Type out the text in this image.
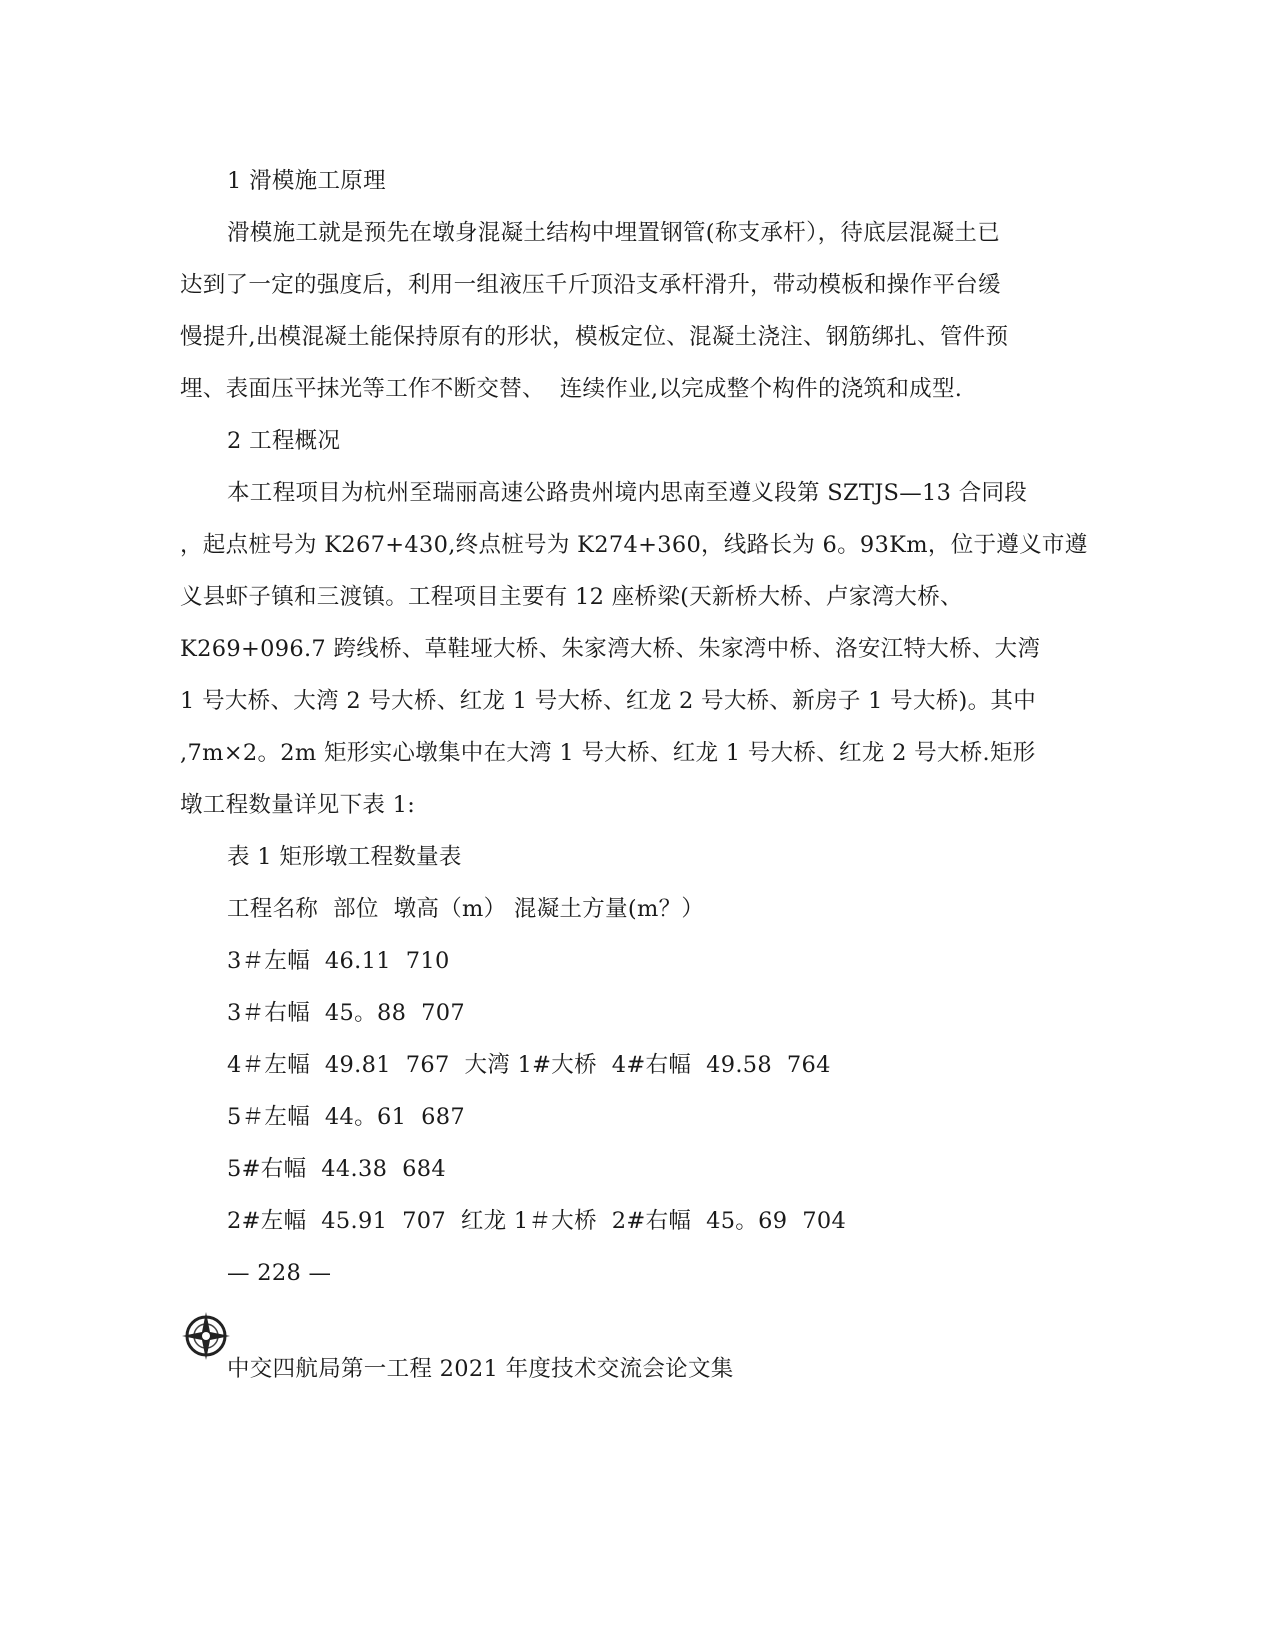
1 滑模施工原理
滑模施工就是预先在墩身混凝土结构中埋置钢管(称支承杆），待底层混凝土已
达到了一定的强度后，利用一组液压千斤顶沿支承杆滑升，带动模板和操作平台缓
慢提升,出模混凝土能保持原有的形状，模板定位、混凝土浇注、钢筋绑扎、管件预
埋、表面压平抹光等工作不断交替、  连续作业,以完成整个构件的浇筑和成型.
2 工程概况
本工程项目为杭州至瑞丽高速公路贵州境内思南至遵义段第 SZTJS—13 合同段
，起点桩号为 K267+430,终点桩号为 K274+360，线路长为 6。93Km，位于遵义市遵
义县虾子镇和三渡镇。工程项目主要有 12 座桥梁(天新桥大桥、卢家湾大桥、
K269+096.7 跨线桥、草鞋垭大桥、朱家湾大桥、朱家湾中桥、洛安江特大桥、大湾
1 号大桥、大湾 2 号大桥、红龙 1 号大桥、红龙 2 号大桥、新房子 1 号大桥)。其中
,7m×2。2m 矩形实心墩集中在大湾 1 号大桥、红龙 1 号大桥、红龙 2 号大桥.矩形
墩工程数量详见下表 1:
表 1 矩形墩工程数量表
工程名称  部位  墩高（m） 混凝土方量(m？）
3＃左幅  46.11  710
3＃右幅  45。88  707
4＃左幅  49.81  767  大湾 1#大桥  4#右幅  49.58  764
5＃左幅  44。61  687
5#右幅  44.38  684
2#左幅  45.91  707  红龙 1＃大桥  2#右幅  45。69  704
— 228 —
中交四航局第一工程 2021 年度技术交流会论文集
